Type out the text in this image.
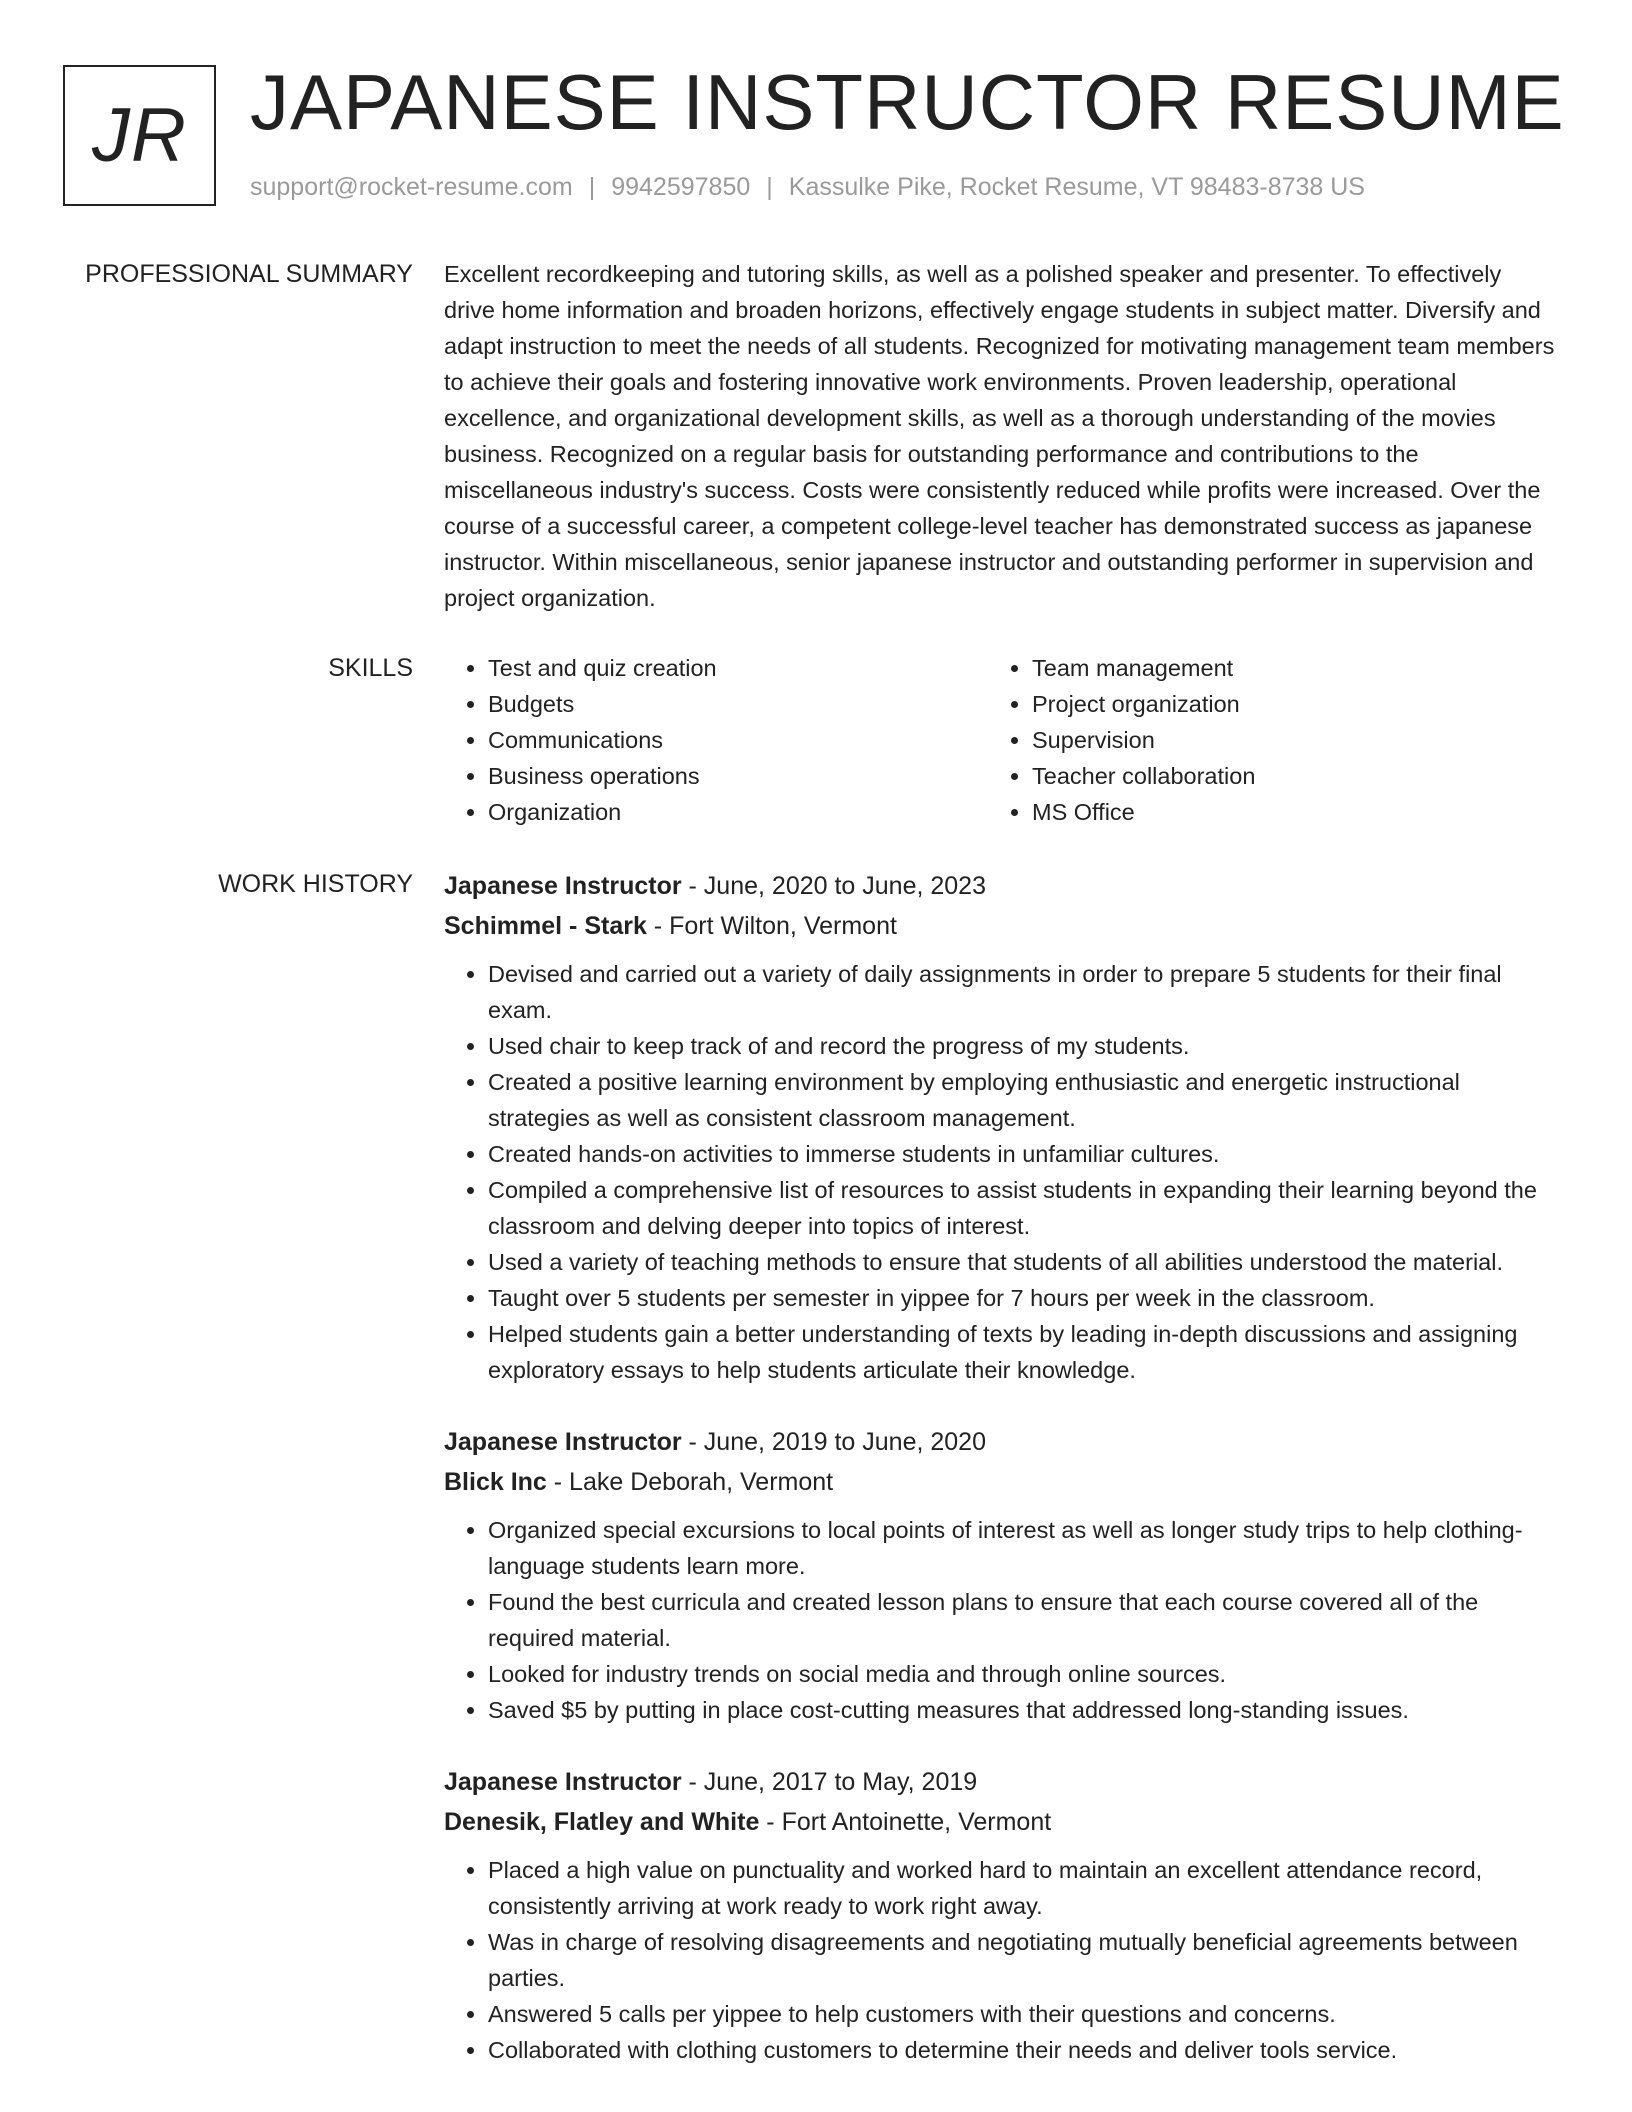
JR JAPANESE INSTRUCTOR RESUME
support@rocket-resume.com | 9942597850 | Kassulke Pike, Rocket Resume, VT 98483-8738 US
PROFESSIONAL SUMMARY Excellent recordkeeping and tutoring skills, as well as a polished speaker and presenter. To effectively drive home information and broaden horizons, effectively engage students in subject matter. Diversify and adapt instruction to meet the needs of all students. Recognized for motivating management team members to achieve their goals and fostering innovative work environments. Proven leadership, operational excellence, and organizational development skills, as well as a thorough understanding of the movies business. Recognized on a regular basis for outstanding performance and contributions to the miscellaneous industry's success. Costs were consistently reduced while profits were increased. Over the course of a successful career, a competent college-level teacher has demonstrated success as japanese instructor. Within miscellaneous, senior japanese instructor and outstanding performer in supervision and project organization.

SKILLS
•	Test and quiz creation
• Budgets
• Communications
• Business operations
• Organization
• Team management
• Project organization
• Supervision
• Teacher collaboration
• MS Office
WORK HISTORY Japanese Instructor - June, 2020 to June, 2023
Schimmel - Stark - Fort Wilton, Vermont
• Devised and carried out a variety of daily assignments in order to prepare 5 students for their final exam.
• Used chair to keep track of and record the progress of my students.
• Created a positive learning environment by employing enthusiastic and energetic instructional strategies as well as consistent classroom management.
• Created hands-on activities to immerse students in unfamiliar cultures.
• Compiled a comprehensive list of resources to assist students in expanding their learning beyond the classroom and delving deeper into topics of interest.
• Used a variety of teaching methods to ensure that students of all abilities understood the material.
• Taught over 5 students per semester in yippee for 7 hours per week in the classroom.
• Helped students gain a better understanding of texts by leading in-depth discussions and assigning exploratory essays to help students articulate their knowledge.
Japanese Instructor - June, 2019 to June, 2020
Blick Inc - Lake Deborah, Vermont
• Organized special excursions to local points of interest as well as longer study trips to help clothing-language students learn more.
• Found the best curricula and created lesson plans to ensure that each course covered all of the required material.
• Looked for industry trends on social media and through online sources.
• Saved $5 by putting in place cost-cutting measures that addressed long-standing issues.
Japanese Instructor - June, 2017 to May, 2019
Denesik, Flatley and White - Fort Antoinette, Vermont
• Placed a high value on punctuality and worked hard to maintain an excellent attendance record, consistently arriving at work ready to work right away.
• Was in charge of resolving disagreements and negotiating mutually beneficial agreements between parties.
• Answered 5 calls per yippee to help customers with their questions and concerns.
• Collaborated with clothing customers to determine their needs and deliver tools service.
